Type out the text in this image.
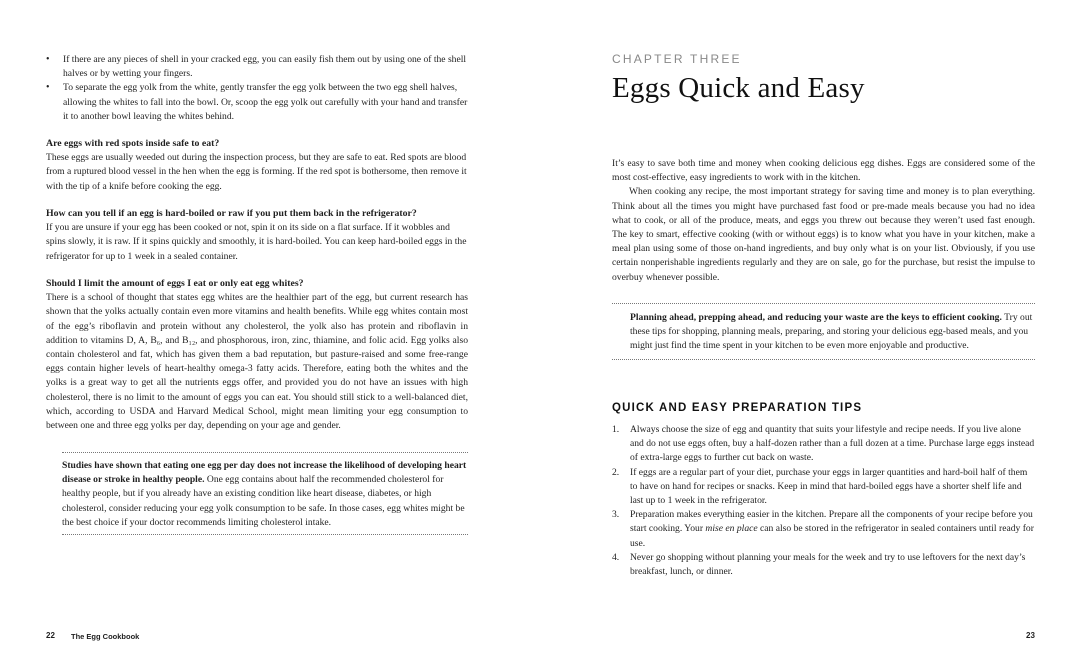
• If there are any pieces of shell in your cracked egg, you can easily fish them out by using one of the shell halves or by wetting your fingers.
• To separate the egg yolk from the white, gently transfer the egg yolk between the two egg shell halves, allowing the whites to fall into the bowl. Or, scoop the egg yolk out carefully with your hand and transfer it to another bowl leaving the whites behind.
Are eggs with red spots inside safe to eat?

These eggs are usually weeded out during the inspection process, but they are safe to eat. Red spots are blood from a ruptured blood vessel in the hen when the egg is forming. If the red spot is bothersome, then remove it with the tip of a knife before cooking the egg.

How can you tell if an egg is hard-boiled or raw if you put them back in the refrigerator?

If you are unsure if your egg has been cooked or not, spin it on its side on a flat surface. If it wobbles and spins slowly, it is raw. If it spins quickly and smoothly, it is hard-boiled. You can keep hard-boiled eggs in the refrigerator for up to 1 week in a sealed container.

Should I limit the amount of eggs I eat or only eat egg whites?

There is a school of thought that states egg whites are the healthier part of the egg, but current research has shown that the yolks actually contain even more vitamins and health benefits. While egg whites contain most of the egg’s riboflavin and protein without any cholesterol, the yolk also has protein and riboflavin in addition to vitamins D, A, B₆, and B₁₂, and phosphorous, iron, zinc, thiamine, and folic acid. Egg yolks also contain cholesterol and fat, which has given them a bad reputation, but pasture-raised and some free-range eggs contain higher levels of heart-healthy omega-3 fatty acids. Therefore, eating both the whites and the yolks is a great way to get all the nutrients eggs offer, and provided you do not have an issues with high cholesterol, there is no limit to the amount of eggs you can eat. You should still stick to a well-balanced diet, which, according to USDA and Harvard Medical School, might mean limiting your egg consumption to between one and three egg yolks per day, depending on your age and gender.

Studies have shown that eating one egg per day does not increase the likelihood of developing heart disease or stroke in healthy people. One egg contains about half the recommended cholesterol for healthy people, but if you already have an existing condition like heart disease, diabetes, or high cholesterol, consider reducing your egg yolk consumption to be safe. In those cases, egg whites might be the best choice if your doctor recommends limiting cholesterol intake.

22 The Egg Cookbook

CHAPTER THREE

Eggs Quick and Easy

It’s easy to save both time and money when cooking delicious egg dishes. Eggs are considered some of the most cost-effective, easy ingredients to work with in the kitchen.

When cooking any recipe, the most important strategy for saving time and money is to plan everything. Think about all the times you might have purchased fast food or pre-made meals because you had no idea what to cook, or all of the produce, meats, and eggs you threw out because they weren’t used fast enough. The key to smart, effective cooking (with or without eggs) is to know what you have in your kitchen, make a meal plan using some of those on-hand ingredients, and buy only what is on your list. Obviously, if you use certain nonperishable ingredients regularly and they are on sale, go for the purchase, but resist the impulse to overbuy whenever possible.

Planning ahead, prepping ahead, and reducing your waste are the keys to efficient cooking. Try out these tips for shopping, planning meals, preparing, and storing your delicious egg-based meals, and you might just find the time spent in your kitchen to be even more enjoyable and productive.

QUICK AND EASY PREPARATION TIPS
1. Always choose the size of egg and quantity that suits your lifestyle and recipe needs. If you live alone and do not use eggs often, buy a half-dozen rather than a full dozen at a time. Purchase large eggs instead of extra-large eggs to further cut back on waste.
2. If eggs are a regular part of your diet, purchase your eggs in larger quantities and hard-boil half of them to have on hand for recipes or snacks. Keep in mind that hard-boiled eggs have a shorter shelf life and last up to 1 week in the refrigerator.
3. Preparation makes everything easier in the kitchen. Prepare all the components of your recipe before you start cooking. Your mise en place can also be stored in the refrigerator in sealed containers until ready for use.
4. Never go shopping without planning your meals for the week and try to use leftovers for the next day’s breakfast, lunch, or dinner.
23
